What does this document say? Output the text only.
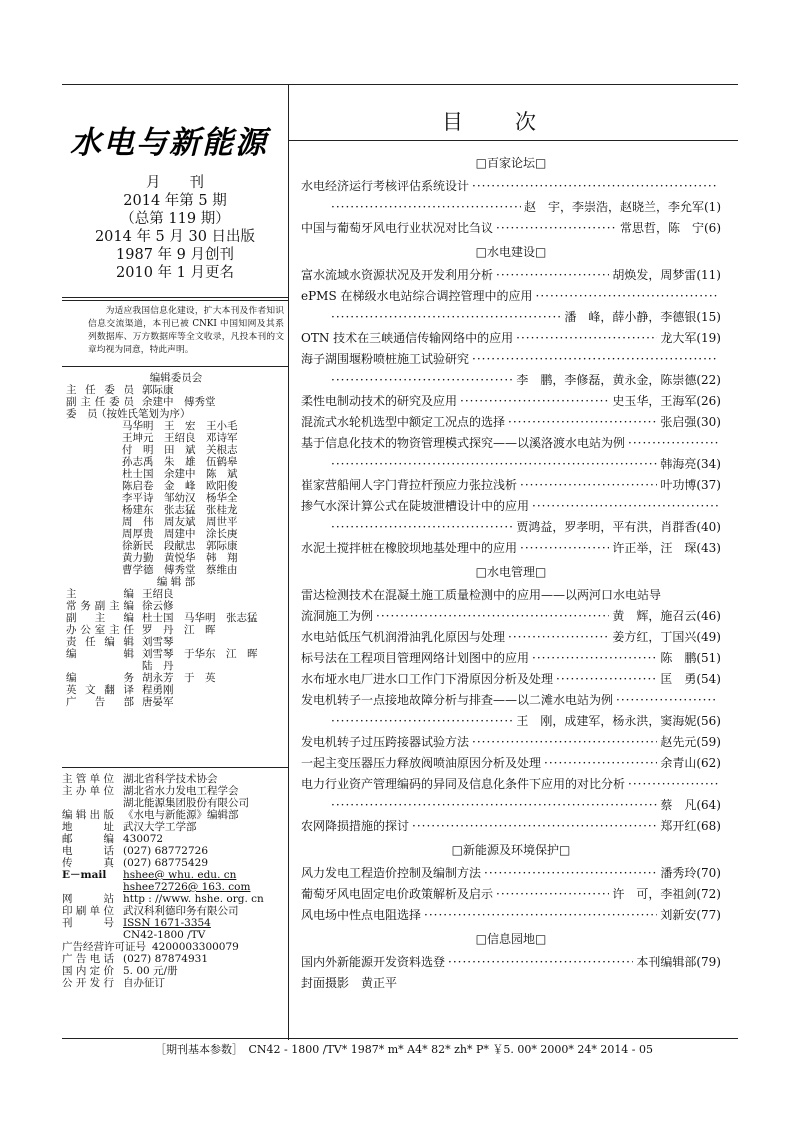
水电与新能源
月　　刊
2014 年第 5 期
（总第 119 期）
2014 年 5 月 30 日出版
1987 年 9 月创刊
2010 年 1 月更名
为适应我国信息化建设，扩大本刊及作者知识信息交流渠道，本刊已被 CNKI 中国知网及其系列数据库、万方数据库等全文收录，凡投本刊的文章均视为同意，特此声明。
编辑委员会
主任委员 郭际康
副主任委员 余建中　傅秀堂
委　员
（按姓氏笔划为序）
马华明　王　宏　王小毛
王坤元　王绍良　邓诗军
付　明　田　斌　关根志
孙志禹　朱　雄　伍鹤皋
杜士国　余建中　陈　斌
陈启卷　金　峰　欧阳俊
李平诗　邹幼汉　杨华全
杨建东　张志猛　张桂龙
周　伟　周友斌　周世平
周厚贵　周建中　涂长庚
徐新民　段献忠　郭际康
黄力勤　黄悦华　韩　翔
曹学德　傅秀堂　蔡维由
编 辑 部
主　　编 王绍良
常务副主编 徐云修
副 主 编 杜士国　马华明　张志猛
办公室主任 罗　丹　江　晖
责任编辑 刘雪琴
编　　辑 刘雪琴　于华东　江　晖
陆　丹
编　　务 胡永芳　于　英
英文翻译 程勇刚
广　告　部 唐晏军
主管单位 湖北省科学技术协会
主办单位 湖北省水力发电工程学会
湖北能源集团股份有限公司
编辑出版 《水电与新能源》编辑部
地　址 武汉大学工学部
邮　编 430072
电　话 (027) 68772726
传　真 (027) 68775429
E－mail	hshee@ whu. edu. cn
hshee72726@ 163. com
网　站 http : //www. hshe. org. cn
印刷单位 武汉科利德印务有限公司
刊　号 ISSN 1671-3354
CN42-1800 /TV
广告经营许可证号 4200003300079
广告电话 (027) 87874931
国内定价 5. 00 元/册
公开发行 自办征订
目次
□百家论坛□
水电经济运行考核评估系统设计
·····
·····
赵　宇，李崇浩，赵晓兰，李允军(1)
中国与葡萄牙风电行业状况对比刍议 ·····	常思哲，陈　宁(6)
□水电建设□
富水流域水资源状况及开发利用分析 ·····	胡焕发，周梦雷(11)
ePMS 在梯级水电站综合调控管理中的应用
·····
·····
潘　峰，薛小静，李德银(15)
OTN 技术在三峡通信传输网络中的应用 ·····	龙大军(19)
海子湖围堰粉喷桩施工试验研究
·····
·····
李　鹏，李修磊，黄永金，陈崇德(22)
柔性电制动技术的研究及应用 ·····	史玉华，王海军(26)
混流式水轮机选型中额定工况点的选择 ·····	张启强(30)
基于信息化技术的物资管理模式探究——以溪洛渡水电站为例
·····
·····
韩海亮(34)
崔家营船闸人字门背拉杆预应力张拉浅析 ·····	叶功博(37)
掺气水深计算公式在陡坡泄槽设计中的应用
·····
·····
贾鸿益，罗孝明，平有洪，肖群香(40)
水泥土搅拌桩在橡胶坝地基处理中的应用 ·····	许正举，汪　琛(43)
□水电管理□
雷达检测技术在混凝土施工质量检测中的应用——以两河口水电站导
流洞施工为例 ·····	黄　辉，施召云(46)
水电站低压气机润滑油乳化原因与处理 ·····	姜方红，丁国兴(49)
标号法在工程项目管理网络计划图中的应用 ·····	陈　鹏(51)
水布垭水电厂进水口工作门下滑原因分析及处理 ·····	匡　勇(54)
发电机转子一点接地故障分析与排查——以二滩水电站为例
·····
·····
王　刚，成建军，杨永洪，窦海妮(56)
发电机转子过压跨接器试验方法 ·····	赵先元(59)
一起主变压器压力释放阀喷油原因分析及处理 ·····	余青山(62)
电力行业资产管理编码的异同及信息化条件下应用的对比分析
·····
·····
蔡　凡(64)
农网降损措施的探讨 ·····	郑开红(68)
□新能源及环境保护□
风力发电工程造价控制及编制方法 ·····	潘秀玲(70)
葡萄牙风电固定电价政策解析及启示 ·····	许　可，李祖剑(72)
风电场中性点电阻选择 ·····	刘新安(77)
□信息园地□
国内外新能源开发资料选登 ·····	本刊编辑部(79)
封面摄影　黄正平
［期刊基本参数］　CN42 - 1800 /TV* 1987* m* A4* 82* zh* P* ￥5. 00* 2000* 24* 2014 - 05
